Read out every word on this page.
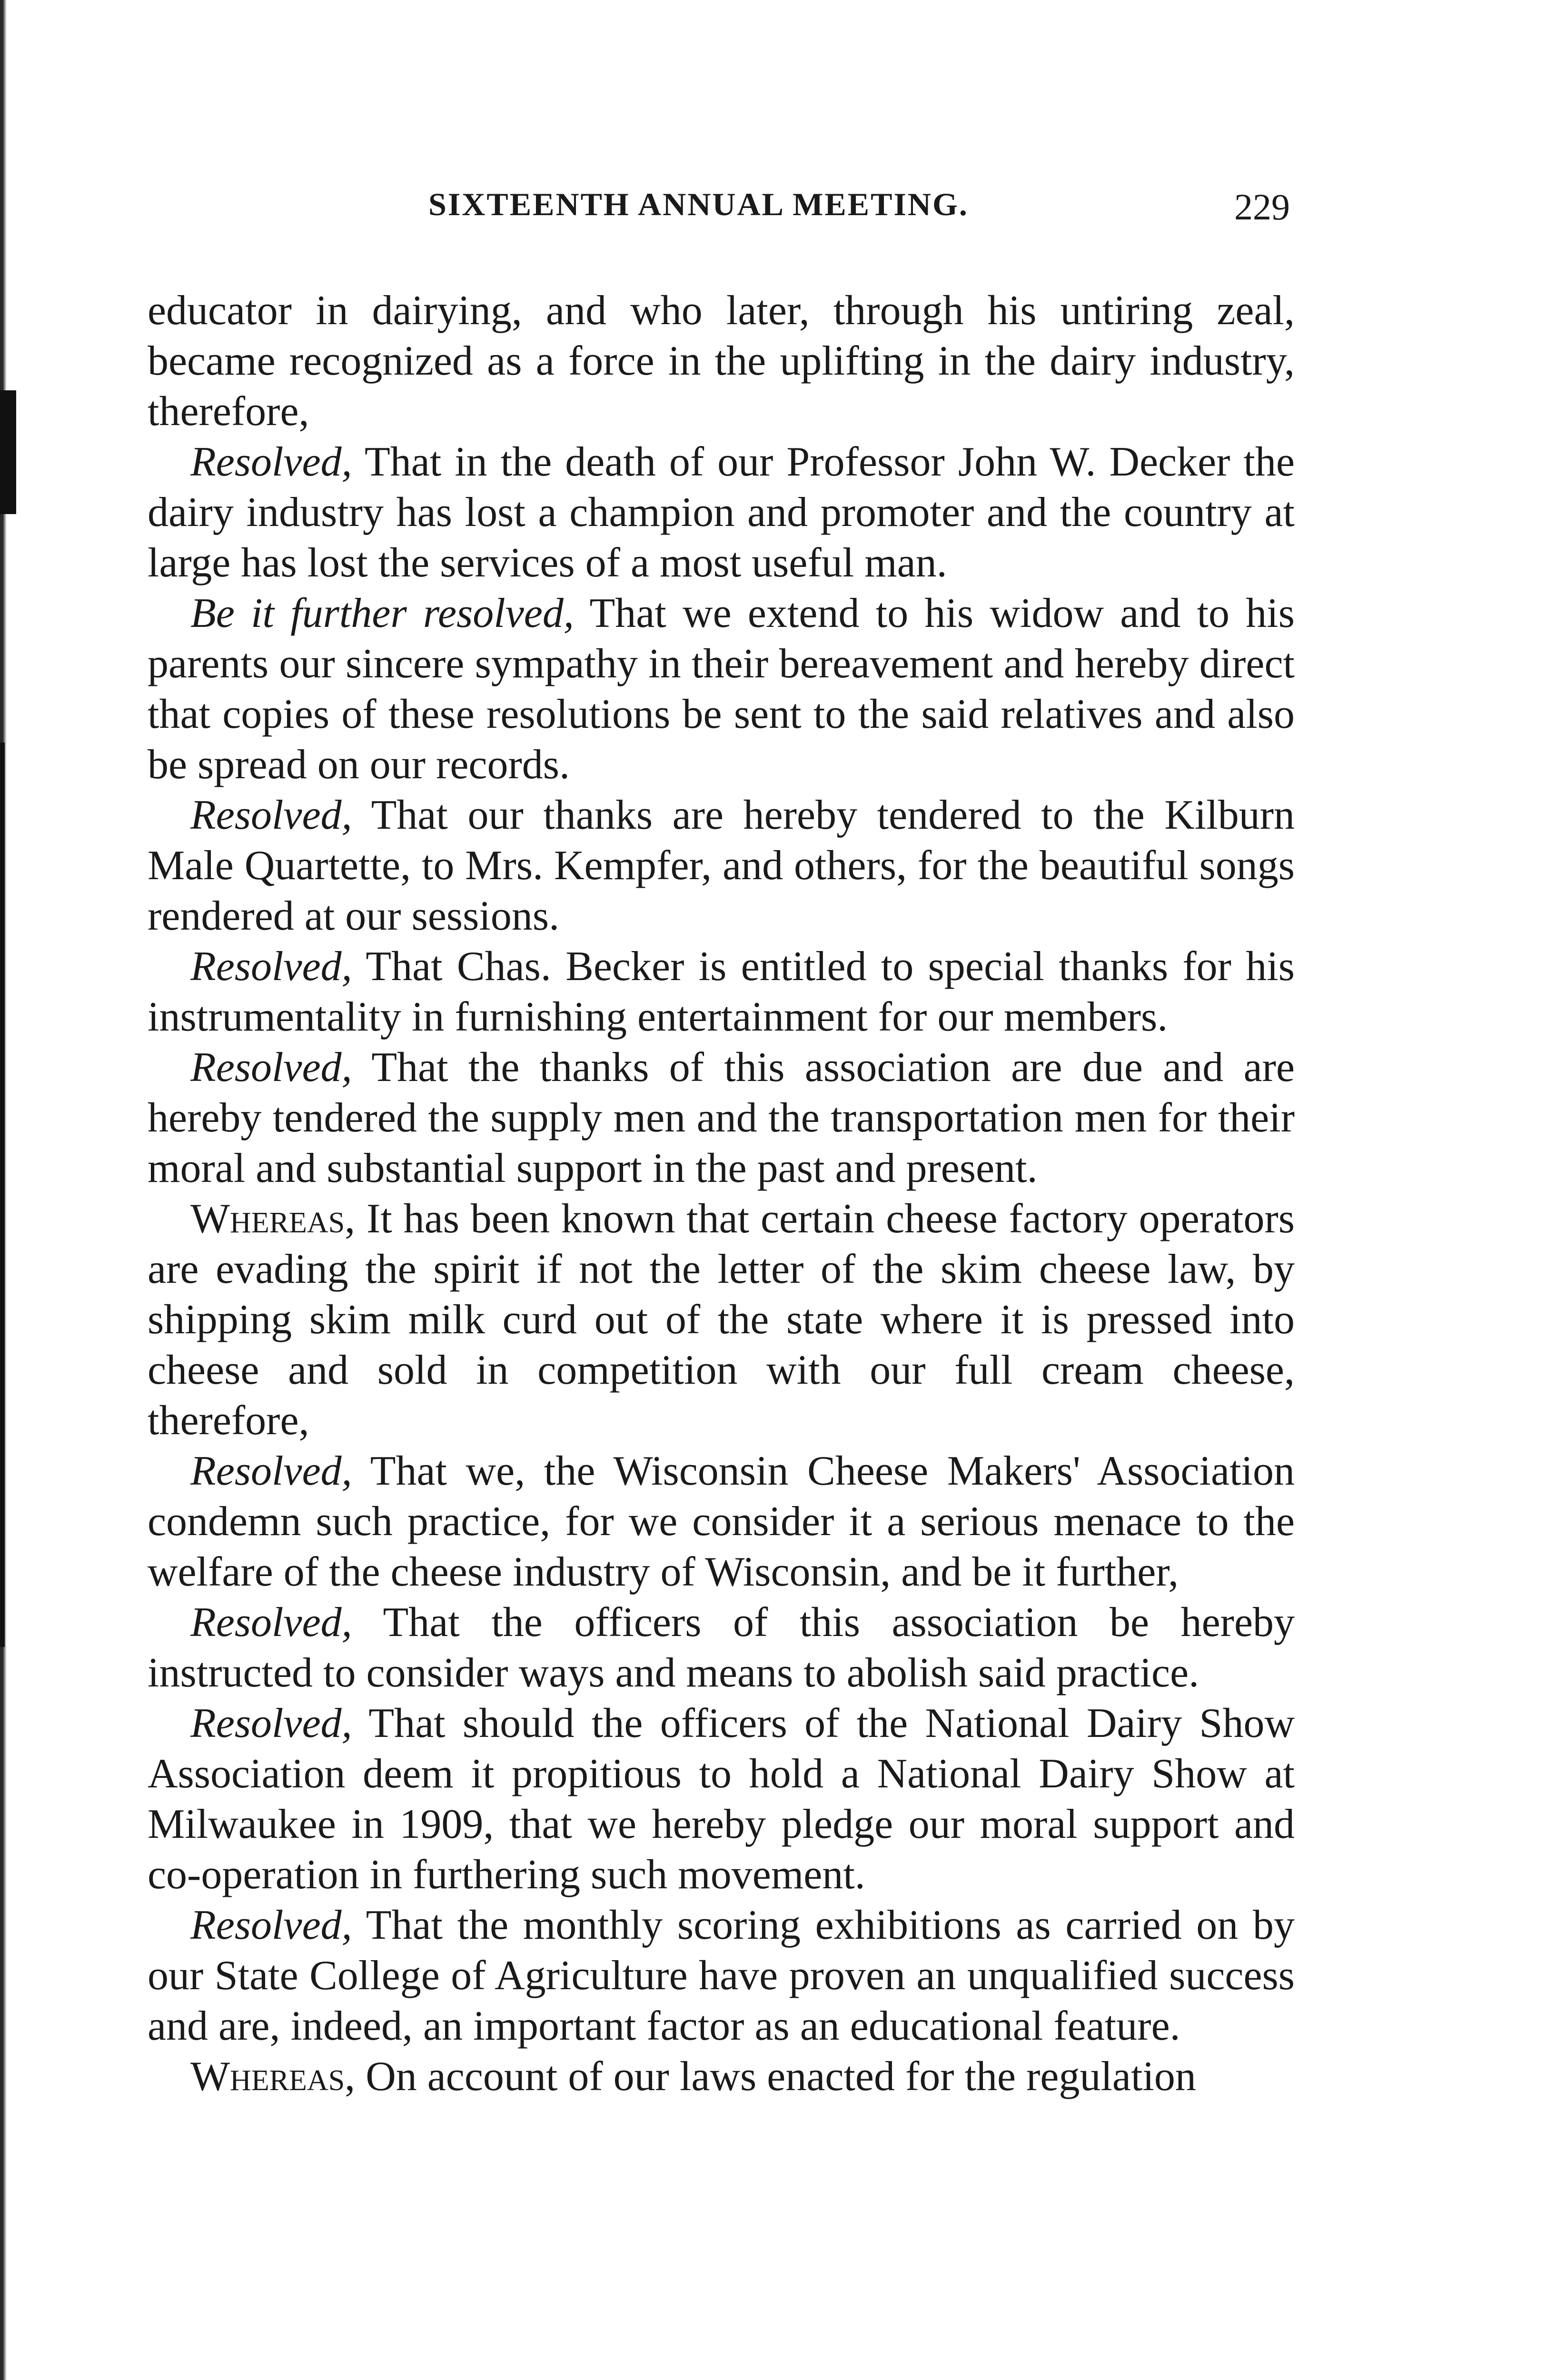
SIXTEENTH ANNUAL MEETING.	229

educator in dairying, and who later, through his untiring zeal, became recognized as a force in the uplifting in the dairy industry, therefore,

Resolved, That in the death of our Professor John W. Decker the dairy industry has lost a champion and promoter and the country at large has lost the services of a most useful man.

Be it further resolved, That we extend to his widow and to his parents our sincere sympathy in their bereavement and hereby direct that copies of these resolutions be sent to the said relatives and also be spread on our records.

Resolved, That our thanks are hereby tendered to the Kilburn Male Quartette, to Mrs. Kempfer, and others, for the beautiful songs rendered at our sessions.

Resolved, That Chas. Becker is entitled to special thanks for his instrumentality in furnishing entertainment for our members.

Resolved, That the thanks of this association are due and are hereby tendered the supply men and the transportation men for their moral and substantial support in the past and present.

Whereas, It has been known that certain cheese factory operators are evading the spirit if not the letter of the skim cheese law, by shipping skim milk curd out of the state where it is pressed into cheese and sold in competition with our full cream cheese, therefore,

Resolved, That we, the Wisconsin Cheese Makers' Association condemn such practice, for we consider it a serious menace to the welfare of the cheese industry of Wisconsin, and be it further,

Resolved, That the officers of this association be hereby instructed to consider ways and means to abolish said practice.

Resolved, That should the officers of the National Dairy Show Association deem it propitious to hold a National Dairy Show at Milwaukee in 1909, that we hereby pledge our moral support and co-operation in furthering such movement.

Resolved, That the monthly scoring exhibitions as carried on by our State College of Agriculture have proven an unqualified success and are, indeed, an important factor as an educational feature.

Whereas, On account of our laws enacted for the regulation
